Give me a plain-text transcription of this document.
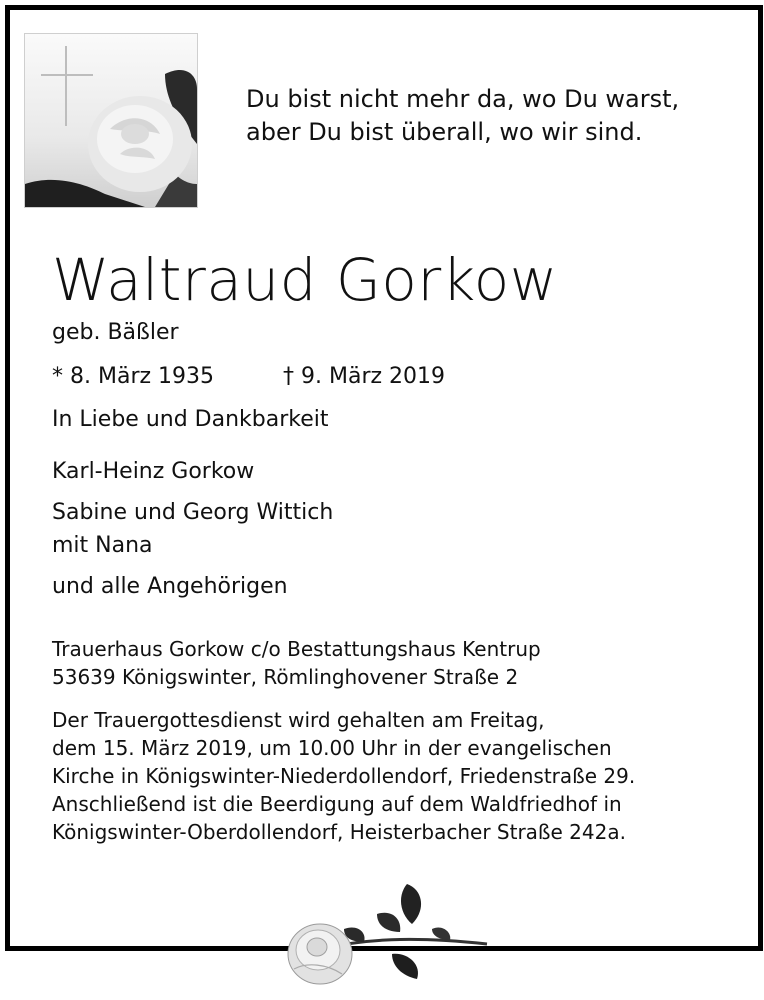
Du bist nicht mehr da, wo Du warst,
aber Du bist überall, wo wir sind.
Waltraud Gorkow
geb. Bäßler
* 8. März 1935	† 9. März 2019
In Liebe und Dankbarkeit
Karl-Heinz Gorkow
Sabine und Georg Wittich
mit Nana
und alle Angehörigen
Trauerhaus Gorkow c/o Bestattungshaus Kentrup
53639 Königswinter, Römlinghovener Straße 2
Der Trauergottesdienst wird gehalten am Freitag,
dem 15. März 2019, um 10.00 Uhr in der evangelischen
Kirche in Königswinter-Niederdollendorf, Friedenstraße 29.
Anschließend ist die Beerdigung auf dem Waldfriedhof in
Königswinter-Oberdollendorf, Heisterbacher Straße 242a.
